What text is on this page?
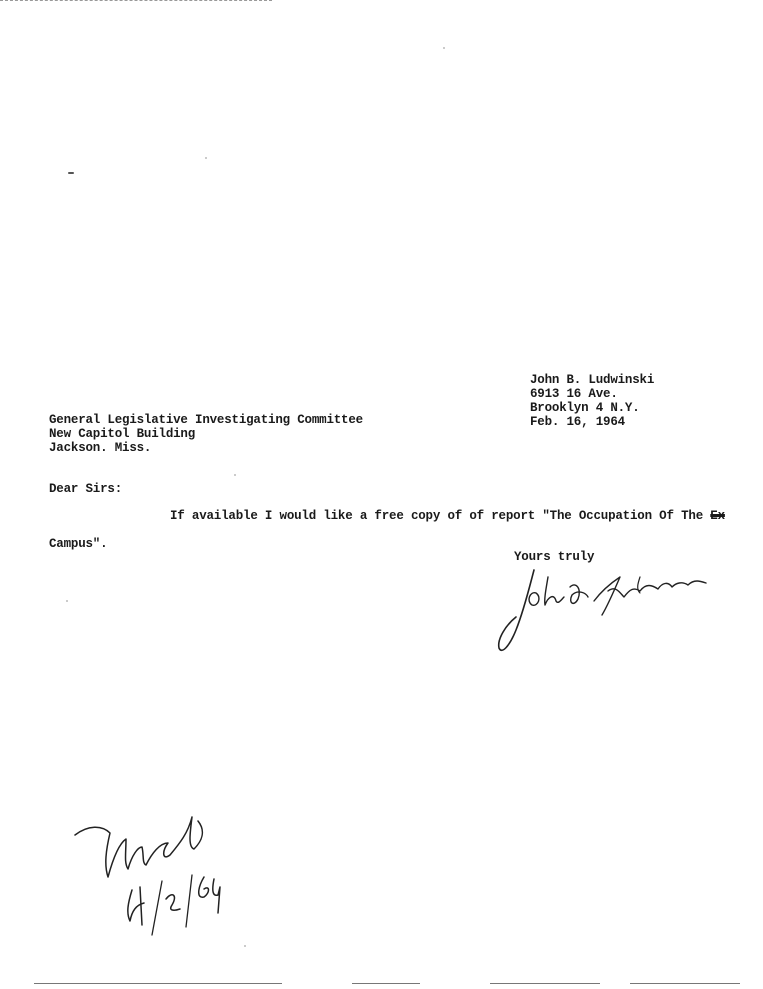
John B. Ludwinski
6913 16 Ave.
Brooklyn 4 N.Y.
Feb. 16, 1964
General Legislative Investigating Committee
New Capitol Building
Jackson. Miss.
Dear Sirs:
If available I would like a free copy of of report "The Occupation Of The Ex
Campus".
Yours truly
